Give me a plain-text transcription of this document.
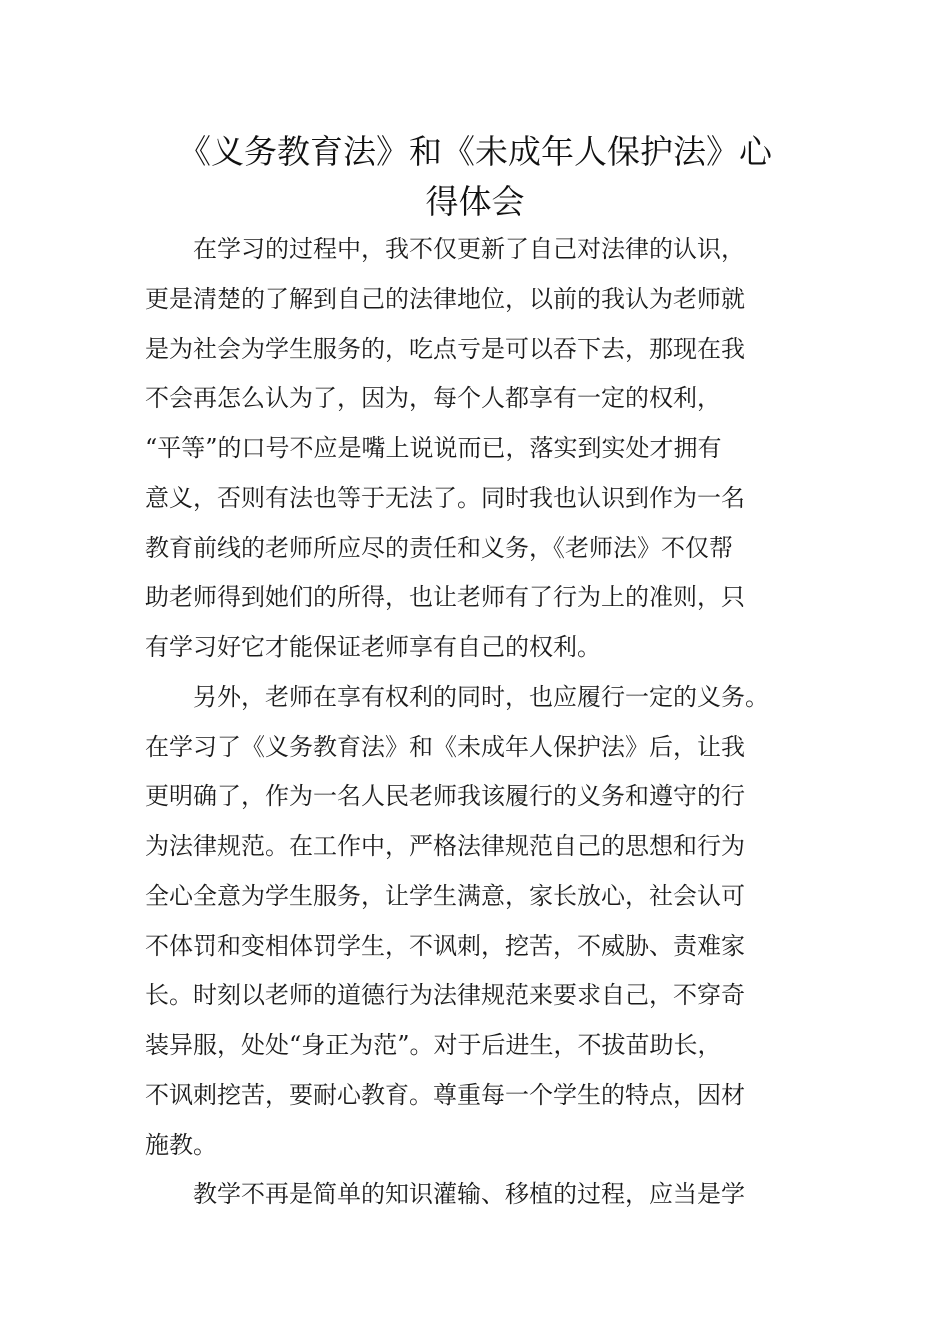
《义务教育法》和《未成年人保护法》心
得体会
　　在学习的过程中，我不仅更新了自己对法律的认识，
更是清楚的了解到自己的法律地位，以前的我认为老师就
是为社会为学生服务的，吃点亏是可以吞下去，那现在我
不会再怎么认为了，因为，每个人都享有一定的权利，
“平等”的口号不应是嘴上说说而已，落实到实处才拥有
意义，否则有法也等于无法了。同时我也认识到作为一名
教育前线的老师所应尽的责任和义务，《老师法》不仅帮
助老师得到她们的所得，也让老师有了行为上的准则，只
有学习好它才能保证老师享有自己的权利。
　　另外，老师在享有权利的同时，也应履行一定的义务。
在学习了《义务教育法》和《未成年人保护法》后，让我
更明确了，作为一名人民老师我该履行的义务和遵守的行
为法律规范。在工作中，严格法律规范自己的思想和行为
全心全意为学生服务，让学生满意，家长放心，社会认可
不体罚和变相体罚学生，不讽刺，挖苦，不威胁、责难家
长。时刻以老师的道德行为法律规范来要求自己，不穿奇
装异服，处处“身正为范”。对于后进生，不拔苗助长，
不讽刺挖苦，要耐心教育。尊重每一个学生的特点，因材
施教。
　　教学不再是简单的知识灌输、移植的过程，应当是学
